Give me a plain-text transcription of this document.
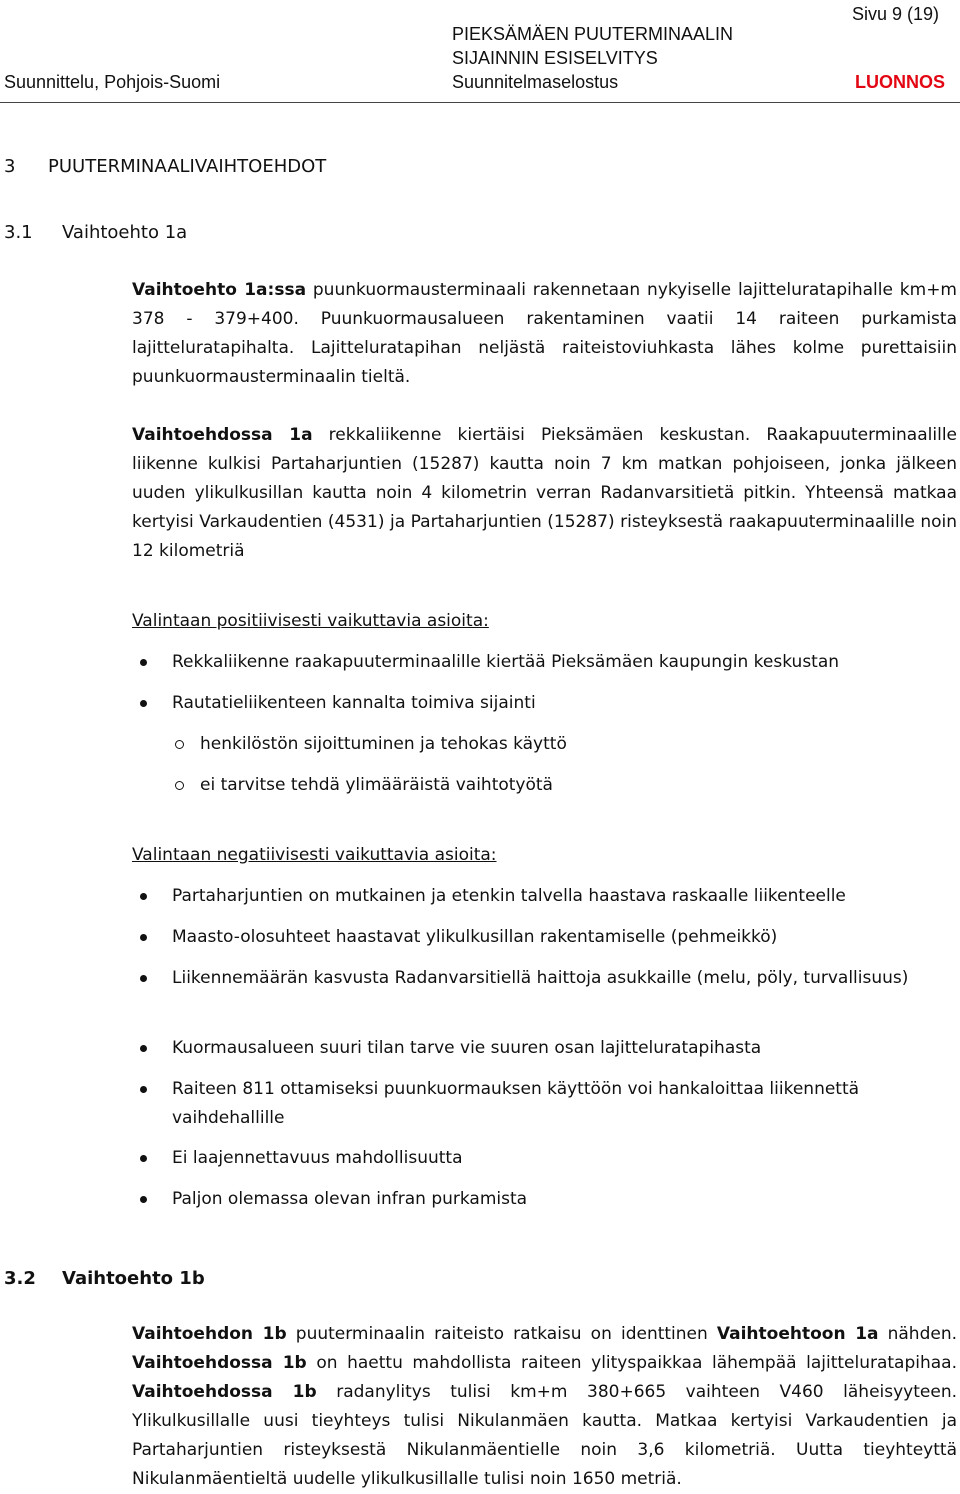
Sivu 9 (19)
PIEKSÄMÄEN PUUTERMINAALIN
SIJAINNIN ESISELVITYS
Suunnittelu, Pohjois-Suomi	Suunnitelmaselostus	LUONNOS
3 PUUTERMINAALIVAIHTOEHDOT
3.1 Vaihtoehto 1a
Vaihtoehto 1a:ssa puunkuormausterminaali rakennetaan nykyiselle lajitteluratapihalle km+m 378 - 379+400. Puunkuormausalueen rakentaminen vaatii 14 raiteen purkamista lajitteluratapihalta. Lajitteluratapihan neljästä raiteistoviuhkasta lähes kolme purettaisiin puunkuormausterminaalin tieltä.
Vaihtoehdossa 1a rekkaliikenne kiertäisi Pieksämäen keskustan. Raakapuuterminaalille liikenne kulkisi Partaharjuntien (15287) kautta noin 7 km matkan pohjoiseen, jonka jälkeen uuden ylikulkusillan kautta noin 4 kilometrin verran Radanvarsitietä pitkin. Yhteensä matkaa kertyisi Varkaudentien (4531) ja Partaharjuntien (15287) risteyksestä raakapuuterminaalille noin 12 kilometriä
Valintaan positiivisesti vaikuttavia asioita:
Rekkaliikenne raakapuuterminaalille kiertää Pieksämäen kaupungin keskustan
Rautatieliikenteen kannalta toimiva sijainti
henkilöstön sijoittuminen ja tehokas käyttö
ei tarvitse tehdä ylimääräistä vaihtotyötä
Valintaan negatiivisesti vaikuttavia asioita:
Partaharjuntien on mutkainen ja etenkin talvella haastava raskaalle liikenteelle
Maasto-olosuhteet haastavat ylikulkusillan rakentamiselle (pehmeikkö)
Liikennemäärän kasvusta Radanvarsitiellä haittoja asukkaille (melu, pöly, turvallisuus)
Kuormausalueen suuri tilan tarve vie suuren osan lajitteluratapihasta
Raiteen 811 ottamiseksi puunkuormauksen käyttöön voi hankaloittaa liikennettä vaihdehallille
Ei laajennettavuus mahdollisuutta
Paljon olemassa olevan infran purkamista
3.2 Vaihtoehto 1b
Vaihtoehdon 1b puuterminaalin raiteisto ratkaisu on identtinen Vaihtoehtoon 1a nähden. Vaihtoehdossa 1b on haettu mahdollista raiteen ylityspaikkaa lähempää lajitteluratapihaa. Vaihtoehdossa 1b radanylitys tulisi km+m 380+665 vaihteen V460 läheisyyteen. Ylikulkusillalle uusi tieyhteys tulisi Nikulanmäen kautta. Matkaa kertyisi Varkaudentien ja Partaharjuntien risteyksestä Nikulanmäentielle noin 3,6 kilometriä. Uutta tieyhteyttä Nikulanmäentieltä uudelle ylikulkusillalle tulisi noin 1650 metriä.
